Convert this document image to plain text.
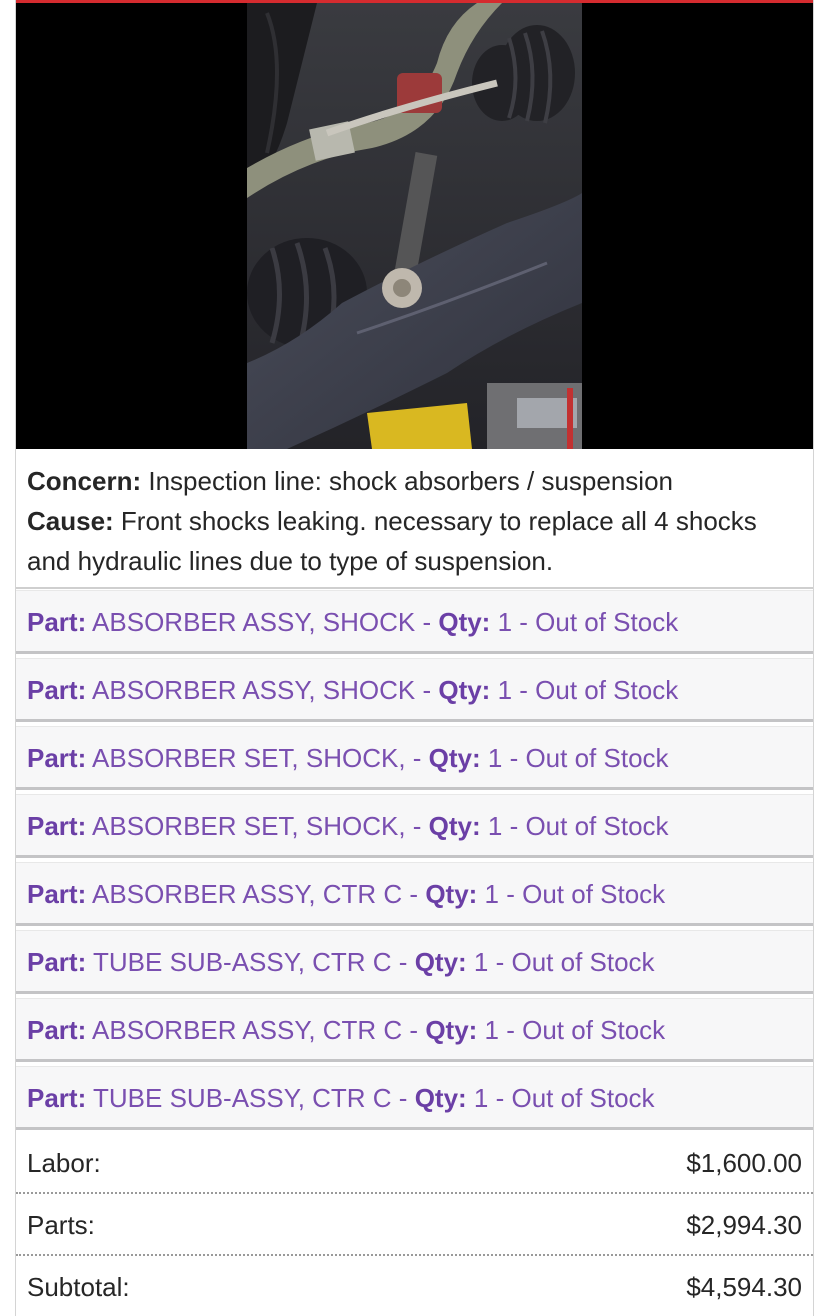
Concern: Inspection line: shock absorbers / suspension
Cause: Front shocks leaking. necessary to replace all 4 shocks and hydraulic lines due to type of suspension.
Part: ABSORBER ASSY, SHOCK - Qty: 1 - Out of Stock
Part: ABSORBER ASSY, SHOCK - Qty: 1 - Out of Stock
Part: ABSORBER SET, SHOCK, - Qty: 1 - Out of Stock
Part: ABSORBER SET, SHOCK, - Qty: 1 - Out of Stock
Part: ABSORBER ASSY, CTR C - Qty: 1 - Out of Stock
Part: TUBE SUB-ASSY, CTR C - Qty: 1 - Out of Stock
Part: ABSORBER ASSY, CTR C - Qty: 1 - Out of Stock
Part: TUBE SUB-ASSY, CTR C - Qty: 1 - Out of Stock
Labor:	$1,600.00
Parts:	$2,994.30
Subtotal:	$4,594.30
